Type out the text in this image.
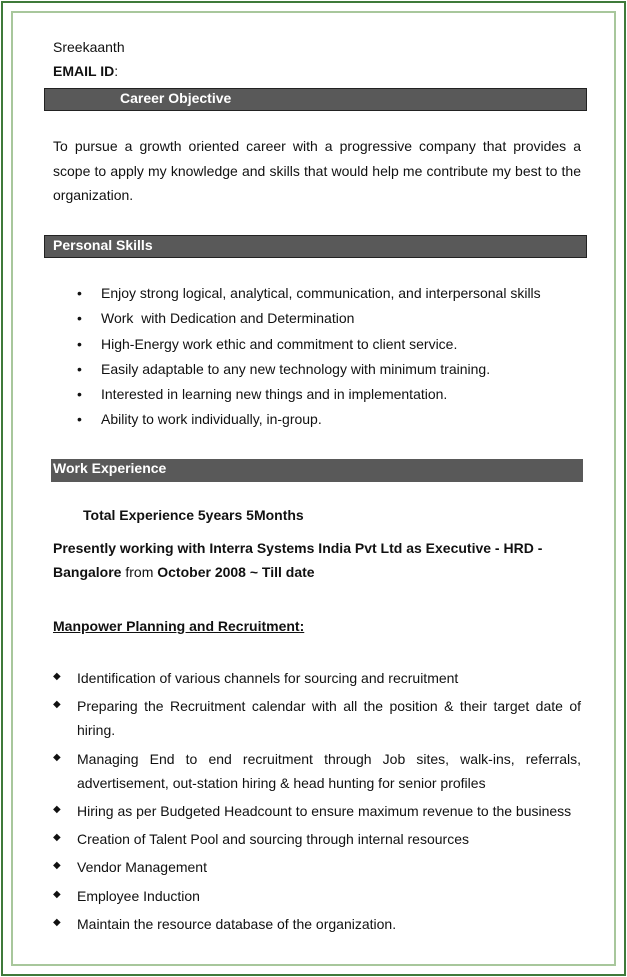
Sreekaanth
EMAIL ID:
Career Objective
To pursue a growth oriented career with a progressive company that provides a scope to apply my knowledge and skills that would help me contribute my best to the organization.
Personal Skills
• Enjoy strong logical, analytical, communication, and interpersonal skills
• Work  with Dedication and Determination
• High-Energy work ethic and commitment to client service.
• Easily adaptable to any new technology with minimum training.
• Interested in learning new things and in implementation.
• Ability to work individually, in-group.
Work Experience
Total Experience 5years 5Months
Presently working with Interra Systems India Pvt Ltd as Executive - HRD - Bangalore from October 2008 ~ Till date
Manpower Planning and Recruitment:
◆ Identification of various channels for sourcing and recruitment
◆ Preparing the Recruitment calendar with all the position & their target date of hiring.
◆ Managing End to end recruitment through Job sites, walk-ins, referrals, advertisement, out-station hiring & head hunting for senior profiles
◆ Hiring as per Budgeted Headcount to ensure maximum revenue to the business
◆ Creation of Talent Pool and sourcing through internal resources
◆ Vendor Management
◆ Employee Induction
◆ Maintain the resource database of the organization.
